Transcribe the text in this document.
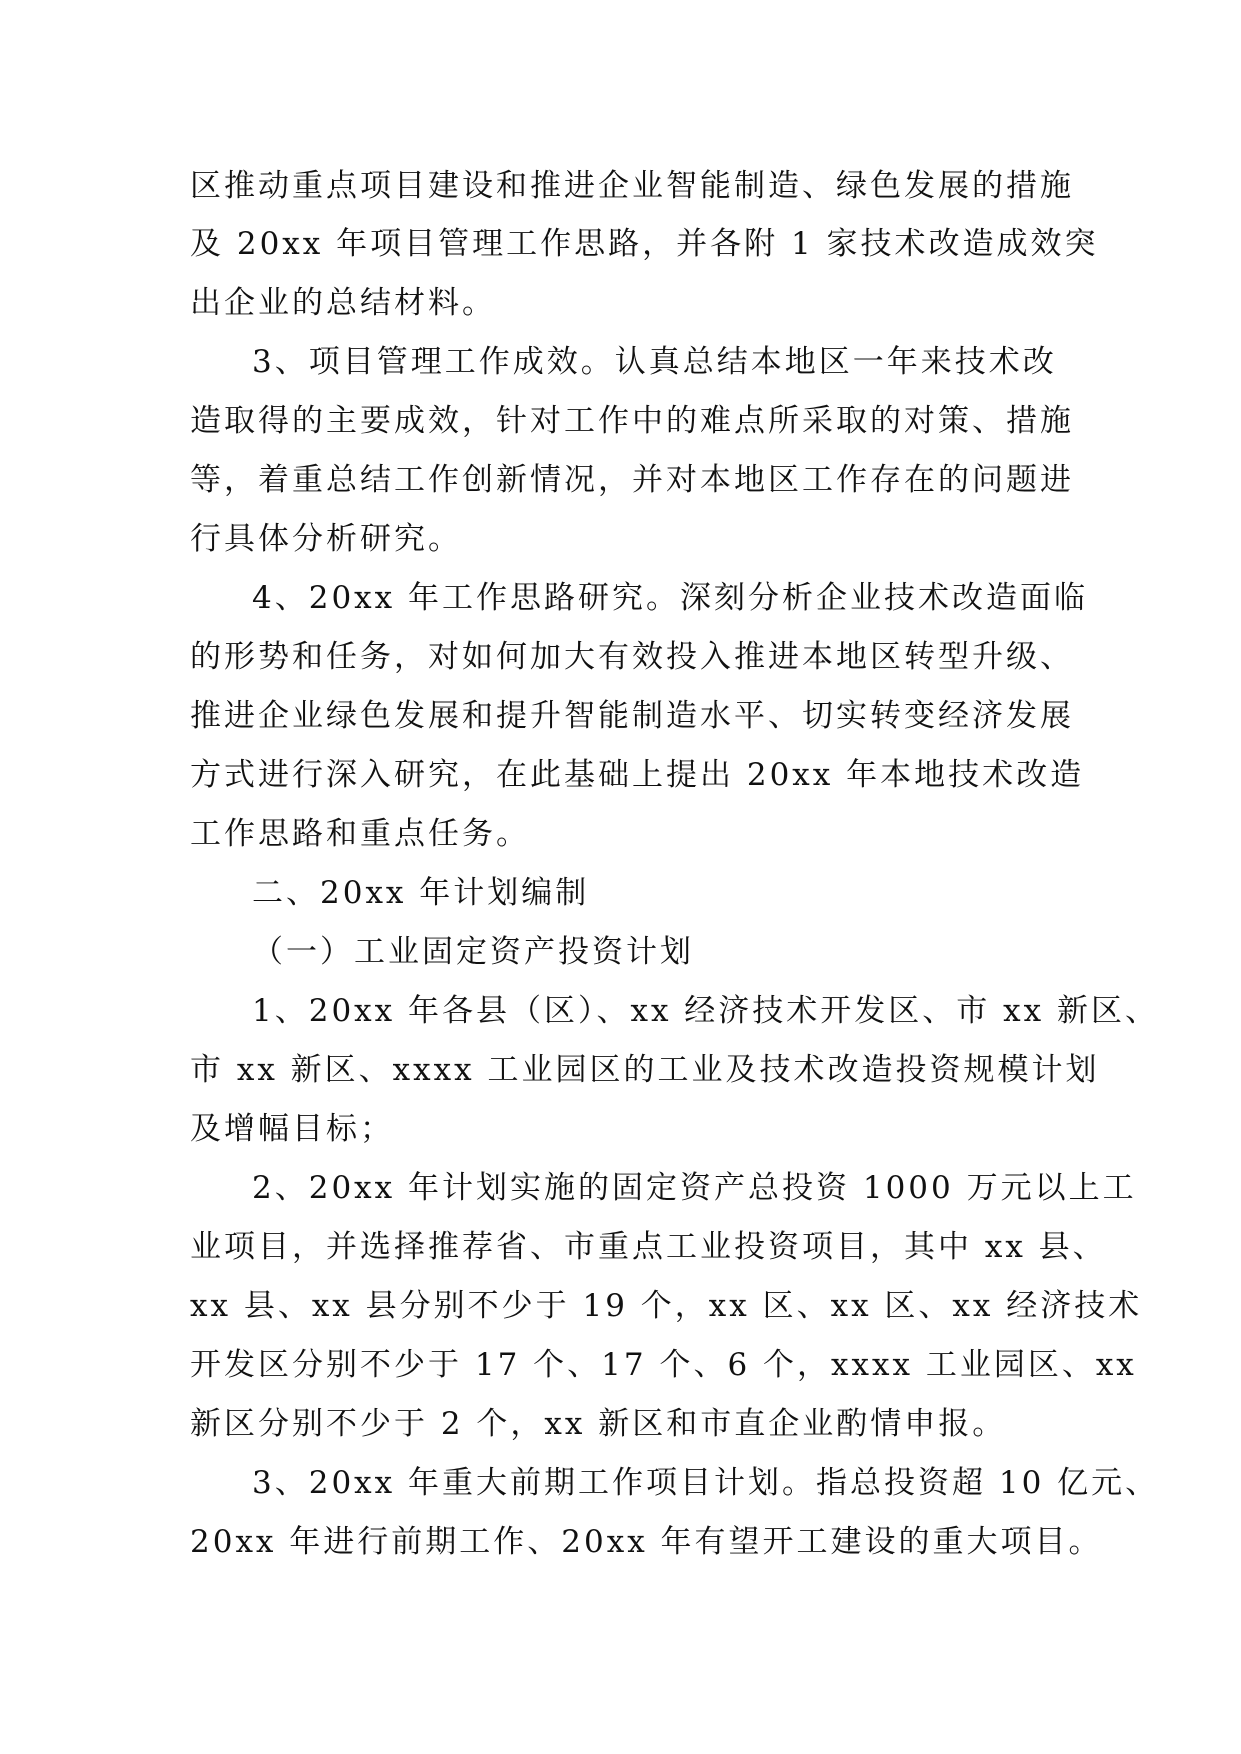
区推动重点项目建设和推进企业智能制造、绿色发展的措施
及 20xx 年项目管理工作思路，并各附 1 家技术改造成效突
出企业的总结材料。
3、项目管理工作成效。认真总结本地区一年来技术改
造取得的主要成效，针对工作中的难点所采取的对策、措施
等，着重总结工作创新情况，并对本地区工作存在的问题进
行具体分析研究。
4、20xx 年工作思路研究。深刻分析企业技术改造面临
的形势和任务，对如何加大有效投入推进本地区转型升级、
推进企业绿色发展和提升智能制造水平、切实转变经济发展
方式进行深入研究，在此基础上提出 20xx 年本地技术改造
工作思路和重点任务。
二、20xx 年计划编制
（一）工业固定资产投资计划
1、20xx 年各县（区）、xx 经济技术开发区、市 xx 新区、
市 xx 新区、xxxx 工业园区的工业及技术改造投资规模计划
及增幅目标；
2、20xx 年计划实施的固定资产总投资 1000 万元以上工
业项目，并选择推荐省、市重点工业投资项目，其中 xx 县、
xx 县、xx 县分别不少于 19 个，xx 区、xx 区、xx 经济技术
开发区分别不少于 17 个、17 个、6 个，xxxx 工业园区、xx
新区分别不少于 2 个，xx 新区和市直企业酌情申报。
3、20xx 年重大前期工作项目计划。指总投资超 10 亿元、
20xx 年进行前期工作、20xx 年有望开工建设的重大项目。
